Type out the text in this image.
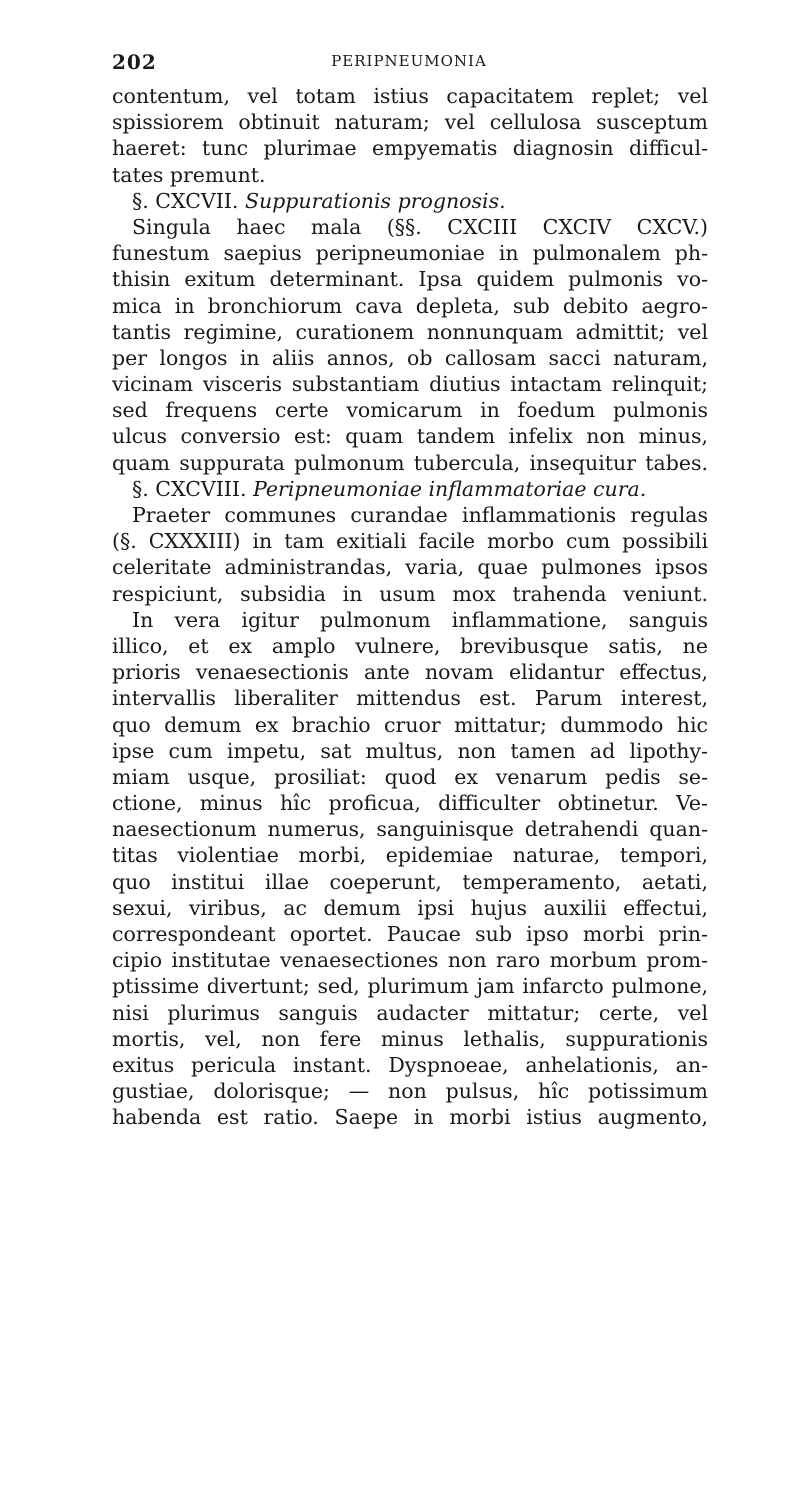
202	PERIPNEUMONIA
contentum, vel totam istius capacitatem replet; vel
spissiorem obtinuit naturam; vel cellulosa susceptum
haeret: tunc plurimae empyematis diagnosin difficul-
tates premunt.
§. CXCVII. Suppurationis prognosis.
Singula haec mala (§§. CXCIII CXCIV CXCV.)
funestum saepius peripneumoniae in pulmonalem ph-
thisin exitum determinant. Ipsa quidem pulmonis vo-
mica in bronchiorum cava depleta, sub debito aegro-
tantis regimine, curationem nonnunquam admittit; vel
per longos in aliis annos, ob callosam sacci naturam,
vicinam visceris substantiam diutius intactam relinquit;
sed frequens certe vomicarum in foedum pulmonis
ulcus conversio est: quam tandem infelix non minus,
quam suppurata pulmonum tubercula, insequitur tabes.
§. CXCVIII. Peripneumoniae inflammatoriae cura.
Praeter communes curandae inflammationis regulas
(§. CXXXIII) in tam exitiali facile morbo cum possibili
celeritate administrandas, varia, quae pulmones ipsos
respiciunt, subsidia in usum mox trahenda veniunt.
In vera igitur pulmonum inflammatione, sanguis
illico, et ex amplo vulnere, brevibusque satis, ne
prioris venaesectionis ante novam elidantur effectus,
intervallis liberaliter mittendus est. Parum interest,
quo demum ex brachio cruor mittatur; dummodo hic
ipse cum impetu, sat multus, non tamen ad lipothy-
miam usque, prosiliat: quod ex venarum pedis se-
ctione, minus hîc proficua, difficulter obtinetur. Ve-
naesectionum numerus, sanguinisque detrahendi quan-
titas violentiae morbi, epidemiae naturae, tempori,
quo institui illae coeperunt, temperamento, aetati,
sexui, viribus, ac demum ipsi hujus auxilii effectui,
correspondeant oportet. Paucae sub ipso morbi prin-
cipio institutae venaesectiones non raro morbum prom-
ptissime divertunt; sed, plurimum jam infarcto pulmone,
nisi plurimus sanguis audacter mittatur; certe, vel
mortis, vel, non fere minus lethalis, suppurationis
exitus pericula instant. Dyspnoeae, anhelationis, an-
gustiae, dolorisque; — non pulsus, hîc potissimum
habenda est ratio. Saepe in morbi istius augmento,
